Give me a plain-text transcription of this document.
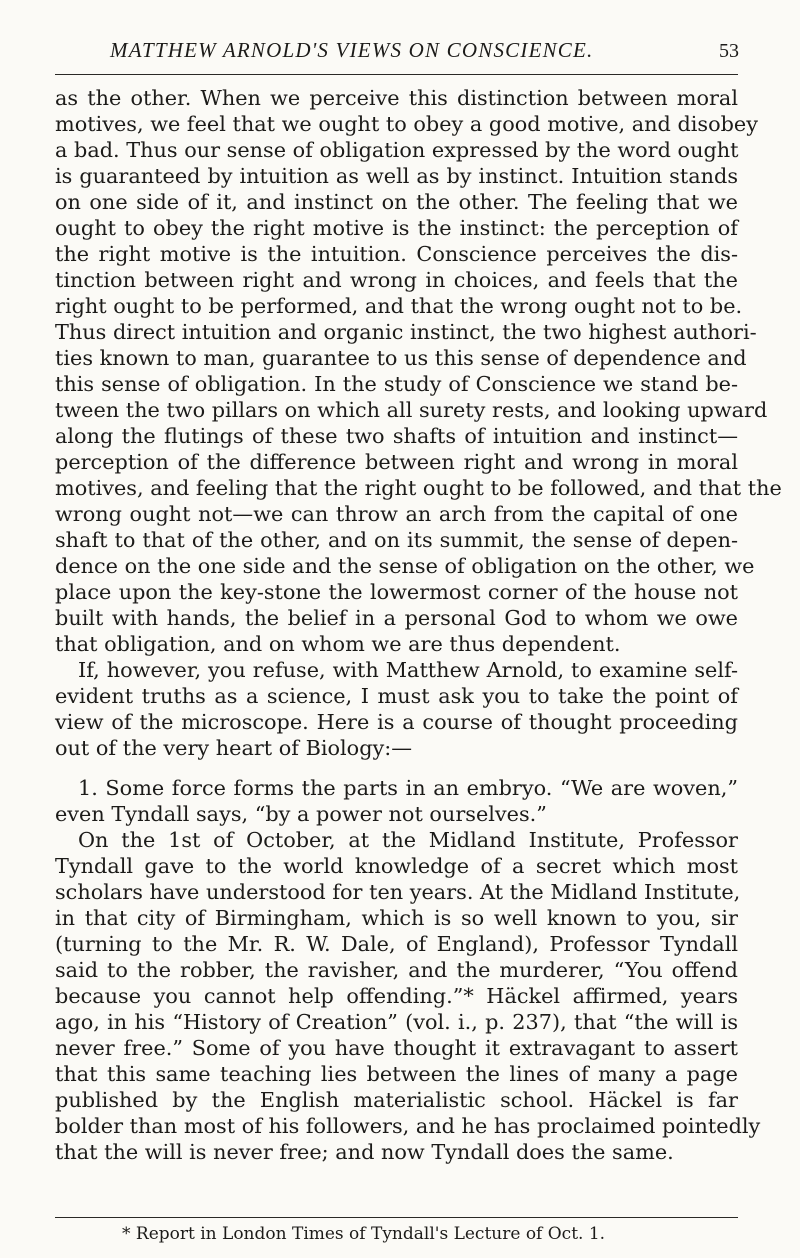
MATTHEW ARNOLD'S VIEWS ON CONSCIENCE.	53
as the other. When we perceive this distinction between moral
motives, we feel that we ought to obey a good motive, and disobey
a bad. Thus our sense of obligation expressed by the word ought
is guaranteed by intuition as well as by instinct. Intuition stands
on one side of it, and instinct on the other. The feeling that we
ought to obey the right motive is the instinct: the perception of
the right motive is the intuition. Conscience perceives the dis-
tinction between right and wrong in choices, and feels that the
right ought to be performed, and that the wrong ought not to be.
Thus direct intuition and organic instinct, the two highest authori-
ties known to man, guarantee to us this sense of dependence and
this sense of obligation. In the study of Conscience we stand be-
tween the two pillars on which all surety rests, and looking upward
along the flutings of these two shafts of intuition and instinct—
perception of the difference between right and wrong in moral
motives, and feeling that the right ought to be followed, and that the
wrong ought not—we can throw an arch from the capital of one
shaft to that of the other, and on its summit, the sense of depen-
dence on the one side and the sense of obligation on the other, we
place upon the key-stone the lowermost corner of the house not
built with hands, the belief in a personal God to whom we owe
that obligation, and on whom we are thus dependent.
If, however, you refuse, with Matthew Arnold, to examine self-
evident truths as a science, I must ask you to take the point of
view of the microscope. Here is a course of thought proceeding
out of the very heart of Biology:—
1. Some force forms the parts in an embryo. “We are woven,”
even Tyndall says, “by a power not ourselves.”
On the 1st of October, at the Midland Institute, Professor
Tyndall gave to the world knowledge of a secret which most
scholars have understood for ten years. At the Midland Institute,
in that city of Birmingham, which is so well known to you, sir
(turning to the Mr. R. W. Dale, of England), Professor Tyndall
said to the robber, the ravisher, and the murderer, “You offend
because you cannot help offending.”* Häckel affirmed, years
ago, in his “History of Creation” (vol. i., p. 237), that “the will is
never free.” Some of you have thought it extravagant to assert
that this same teaching lies between the lines of many a page
published by the English materialistic school. Häckel is far
bolder than most of his followers, and he has proclaimed pointedly
that the will is never free; and now Tyndall does the same.
* Report in London Times of Tyndall's Lecture of Oct. 1.
